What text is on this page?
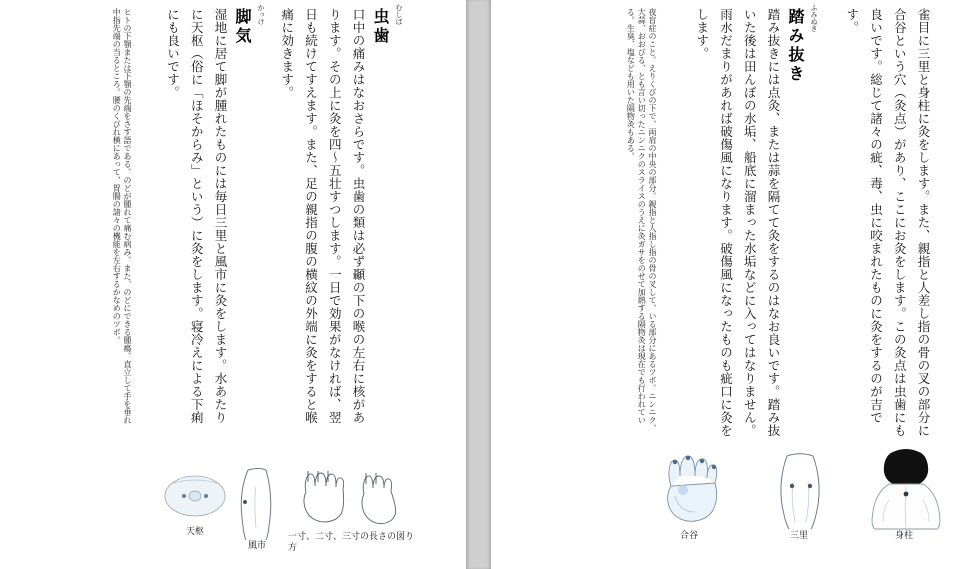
虫歯 むしば
口中の痛みはなおさらです。虫歯の類は必ず顳の下の喉の左右に核があります。その上に灸を四〜五壮すつします。一日で効果がなければ、翌日も続けてすえます。また、足の親指の腹の横紋の外端に灸をすると喉痛に効きます。
脚気 かっけ
湿地に居て脚が腫れたものには毎日三里と風市に灸をします。水あたりに天枢（俗に「ほそからみ」という）に灸をします。寝冷えによる下痢にも良いです。
ヒトの下顎または下顎の先端をさす語である。のどが腫れて痛む病み。また、のどにできる腫瘍。直立して手を垂れ中指先端の当るところ。腰のくびれ横にあって、胃腸の諸々の機能を左右するかなめのツボ。
天枢
風市
一寸、二寸、三寸の長さの図り方
雀目に三里と身柱に灸をします。また、親指と人差し指の骨の叉の部分に合谷という穴（灸点）があり、ここにお灸をします。この灸点は虫歯にも良いです。総じて諸々の疵、毒、虫に咬まれたものに灸をするのが吉です。
踏み抜き ふみぬき
踏み抜きには点灸、または蒜を隔てて灸をするのはなお良いです。踏み抜いた後は田んぼの水垢、船底に溜まった水垢などに入ってはなりません。雨水だまりがあれば破傷風になります。破傷風になったものも疵口に灸をします。
夜盲症のこと。えりくびの下で、両肩の中央の部分。親指と人指し指の骨の叉して、いる部分にあるツボ。ニンニク、大蒜、おおびる、とも言い切ったニンニクのスライスのうえに灸ガサをのせて加熱する隔物灸は現在でも行われている。生臭、塩なども用いた隔物灸もある。
合谷	三里	身柱
